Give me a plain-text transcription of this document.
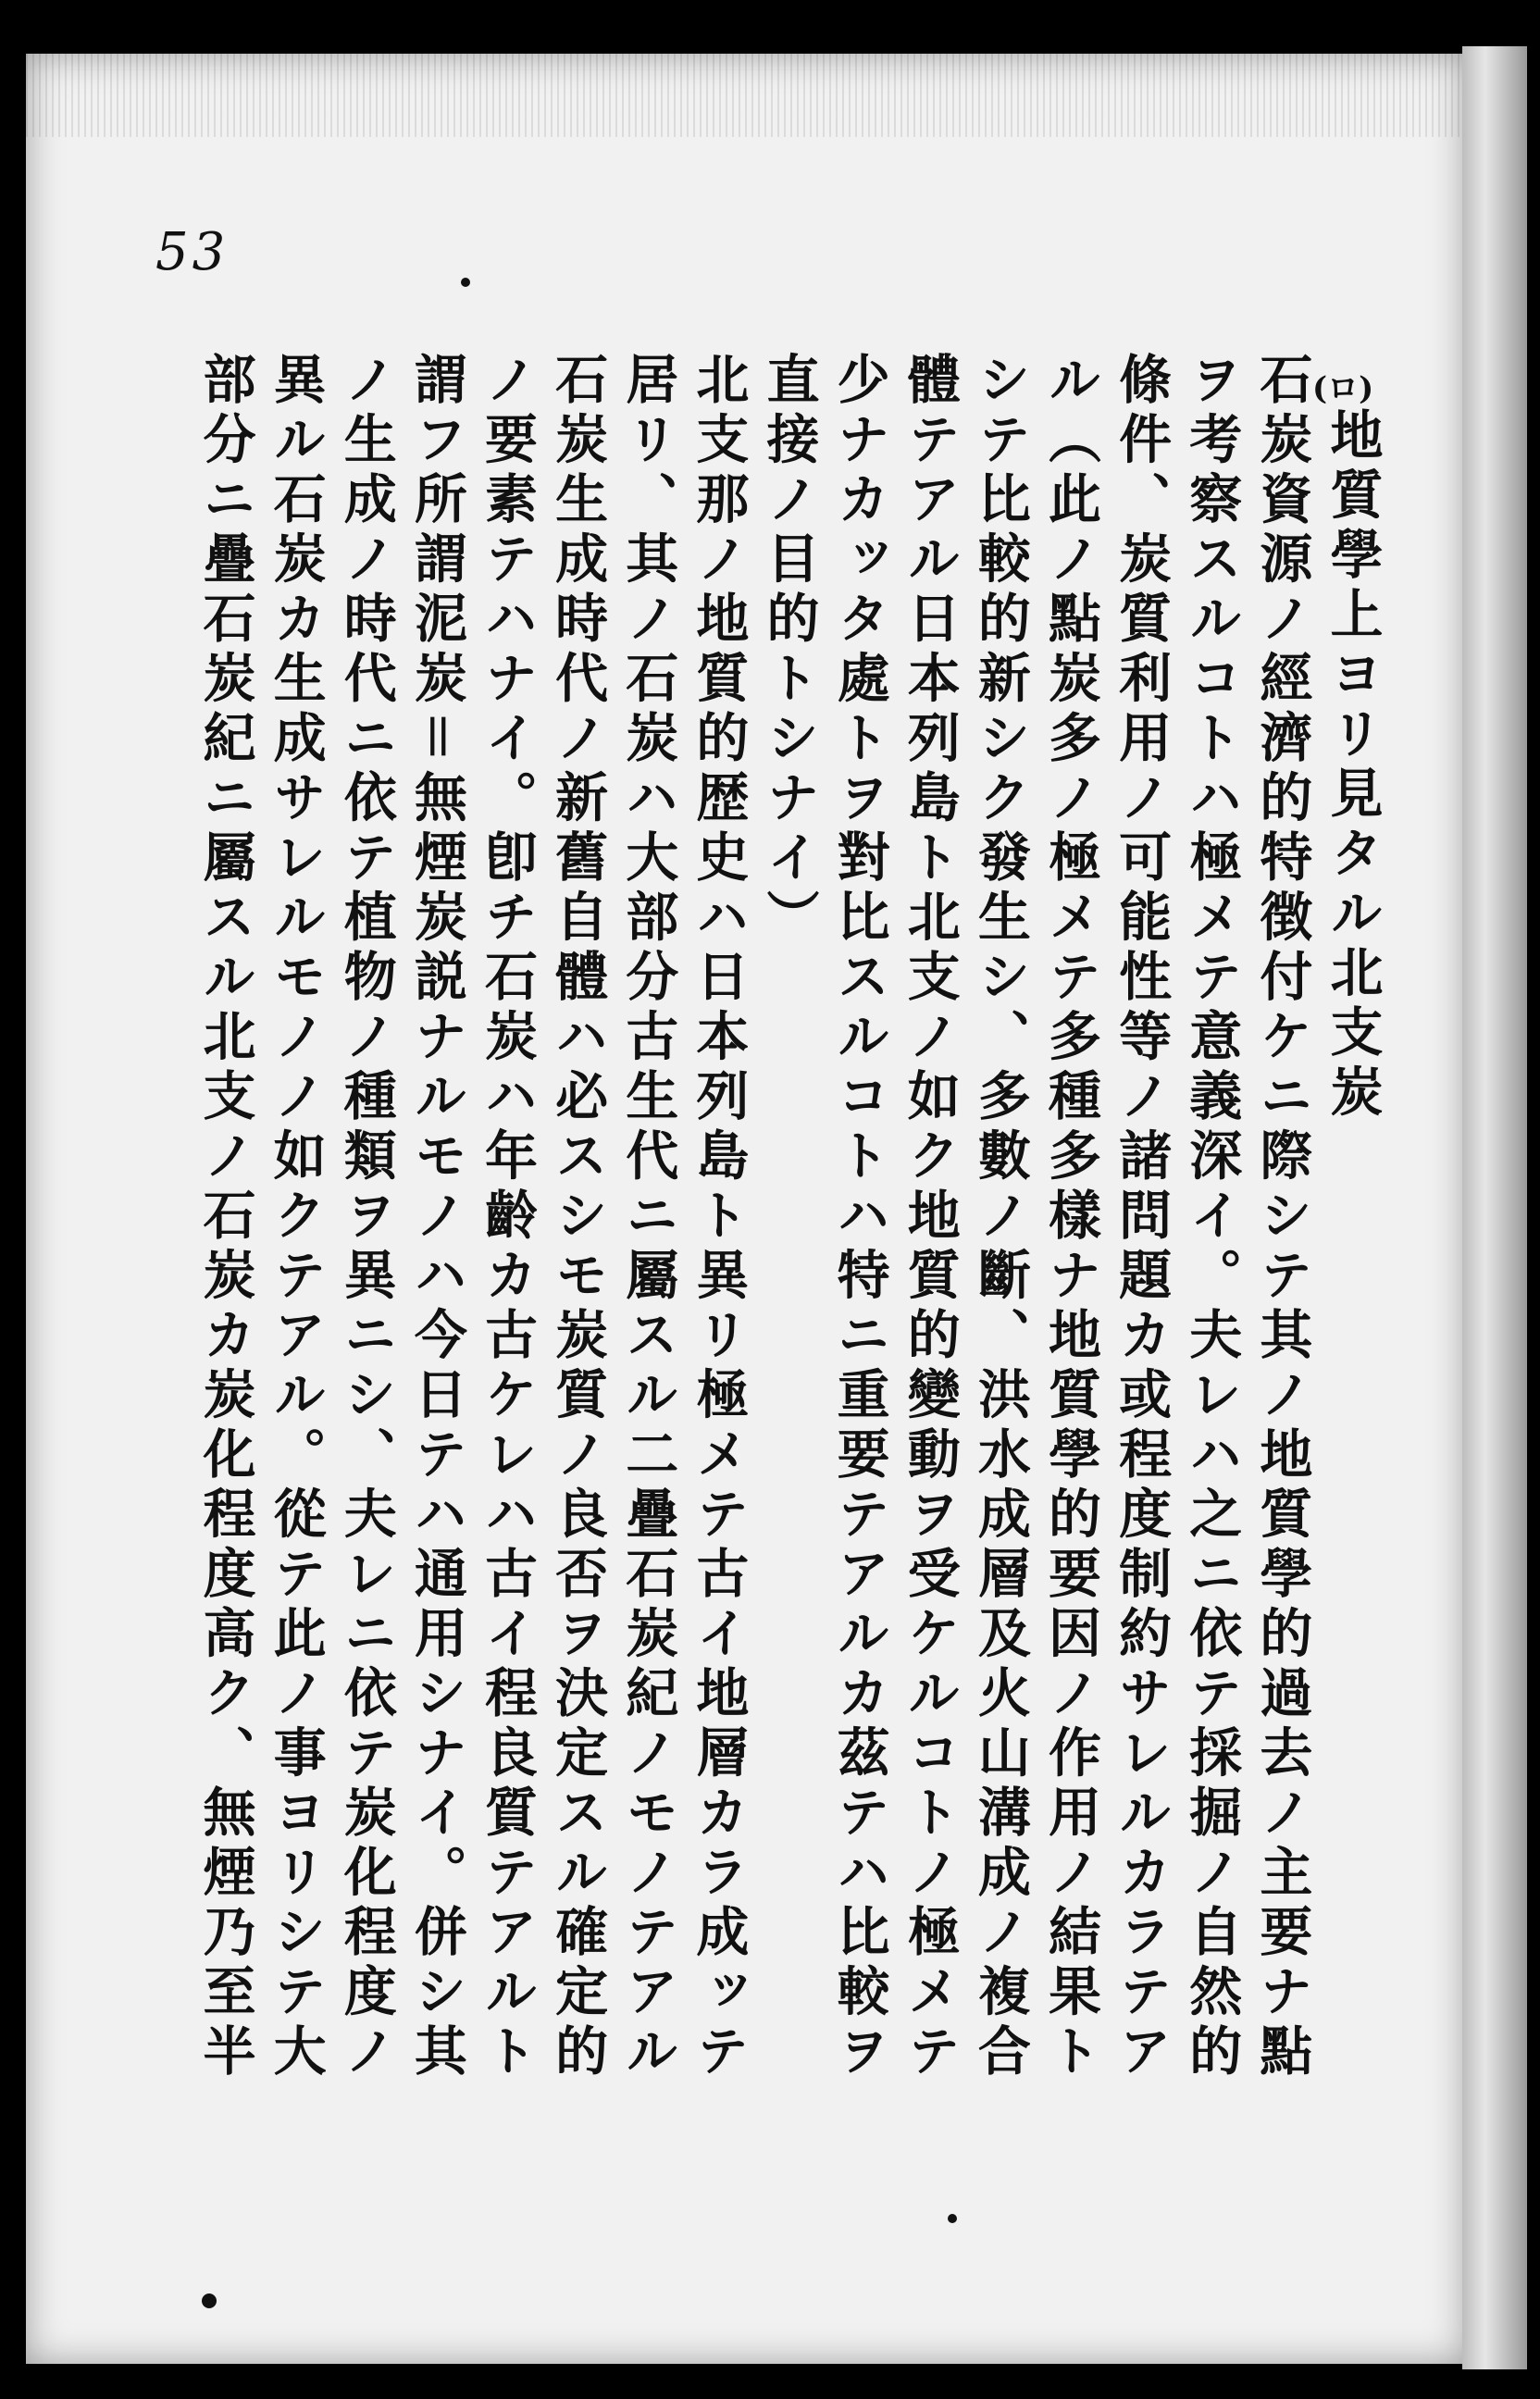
53
(ロ)
地質學上ヨリ見タル北支炭
石炭資源ノ經濟的特徴付ケニ際シテ其ノ地質學的過去ノ主要ナ點
ヲ考察スルコトハ極メテ意義深イ。夫レハ之ニ依テ採掘ノ自然的
條件、炭質利用ノ可能性等ノ諸問題カ或程度制約サレルカラテア
ル（此ノ點炭多ノ極メテ多種多樣ナ地質學的要因ノ作用ノ結果ト
シテ比較的新シク發生シ、多數ノ斷、洪水成層及火山溝成ノ複合
體テアル日本列島ト北支ノ如ク地質的變動ヲ受ケルコトノ極メテ
少ナカッタ處トヲ對比スルコトハ特ニ重要テアルカ茲テハ比較ヲ
直接ノ目的トシナイ）
北支那ノ地質的歴史ハ日本列島ト異リ極メテ古イ地層カラ成ッテ
居リ、其ノ石炭ハ大部分古生代ニ屬スル二疊石炭紀ノモノテアル
石炭生成時代ノ新舊自體ハ必スシモ炭質ノ良否ヲ決定スル確定的
ノ要素テハナイ。卽チ石炭ハ年齡カ古ケレハ古イ程良質テアルト
謂フ所謂泥炭＝無煙炭説ナルモノハ今日テハ通用シナイ。併シ其
ノ生成ノ時代ニ依テ植物ノ種類ヲ異ニシ、夫レニ依テ炭化程度ノ
異ル石炭カ生成サレルモノノ如クテアル。從テ此ノ事ヨリシテ大
部分ニ疊石炭紀ニ屬スル北支ノ石炭カ炭化程度高ク、無煙乃至半
